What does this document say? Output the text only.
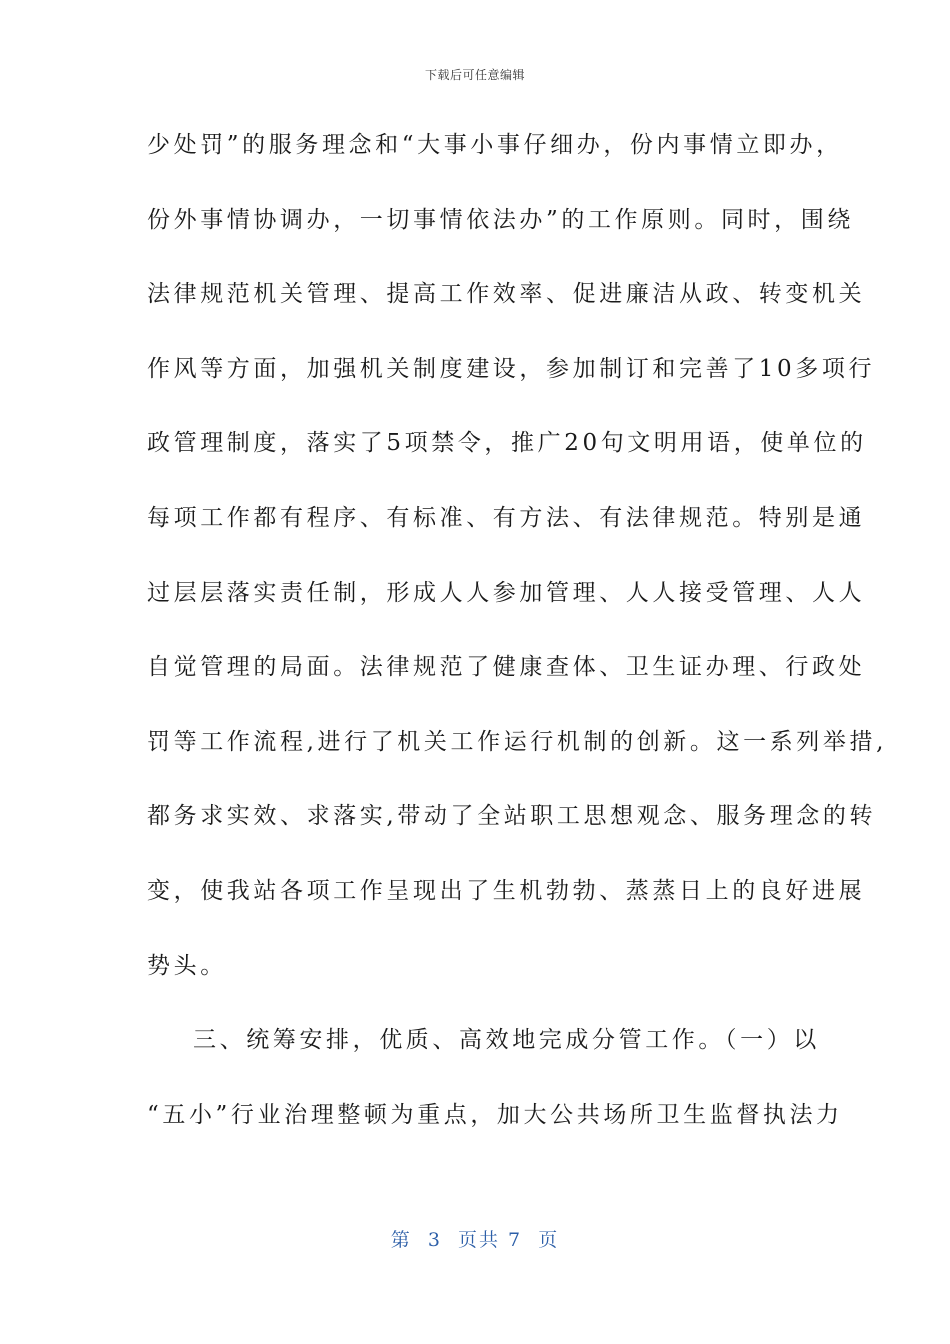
下载后可任意编辑
少处罚”的服务理念和“大事小事仔细办，份内事情立即办，
份外事情协调办，一切事情依法办”的工作原则。同时，围绕
法律规范机关管理、提高工作效率、促进廉洁从政、转变机关
作风等方面，加强机关制度建设，参加制订和完善了10多项行
政管理制度，落实了5项禁令，推广20句文明用语，使单位的
每项工作都有程序、有标准、有方法、有法律规范。特别是通
过层层落实责任制，形成人人参加管理、人人接受管理、人人
自觉管理的局面。法律规范了健康查体、卫生证办理、行政处
罚等工作流程,进行了机关工作运行机制的创新。这一系列举措,
都务求实效、求落实,带动了全站职工思想观念、服务理念的转
变，使我站各项工作呈现出了生机勃勃、蒸蒸日上的良好进展
势头。
三、统筹安排，优质、高效地完成分管工作。（一）以
“五小”行业治理整顿为重点，加大公共场所卫生监督执法力
第  3  页共 7  页
